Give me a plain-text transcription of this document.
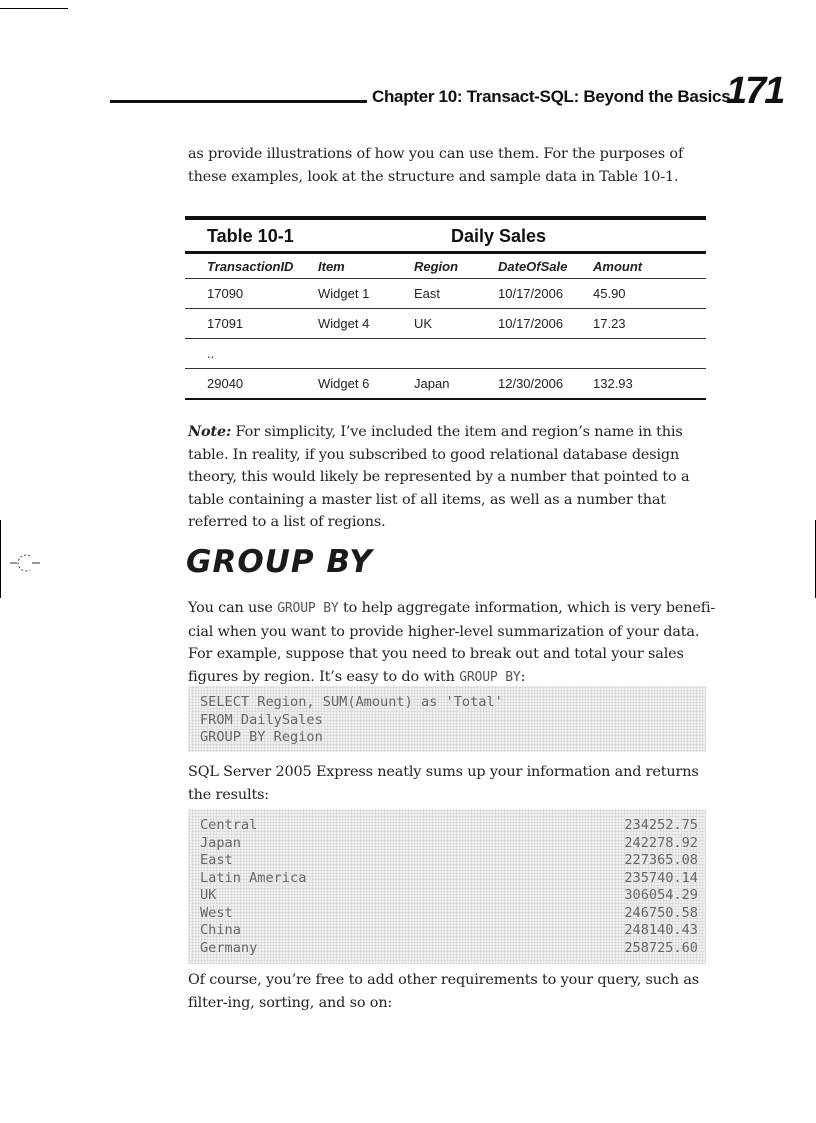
Chapter 10: Transact-SQL: Beyond the Basics

171

as provide illustrations of how you can use them. For the purposes of these examples, look at the structure and sample data in Table 10-1.

Table 10-1	Daily Sales
TransactionID	Item	Region	DateOfSale	Amount
17090	Widget 1	East	10/17/2006	45.90
17091	Widget 4	UK	10/17/2006	17.23
..
29040	Widget 6	Japan	12/30/2006	132.93

Note: For simplicity, I’ve included the item and region’s name in this table. In reality, if you subscribed to good relational database design theory, this would likely be represented by a number that pointed to a table containing a master list of all items, as well as a number that referred to a list of regions.

GROUP BY

You can use GROUP BY to help aggregate information, which is very benefi-cial when you want to provide higher-level summarization of your data. For example, suppose that you need to break out and total your sales figures by region. It’s easy to do with GROUP BY:

SELECT Region, SUM(Amount) as 'Total'
FROM DailySales
GROUP BY Region

SQL Server 2005 Express neatly sums up your information and returns the results:

Central	234252.75
Japan	242278.92
East	227365.08
Latin America	235740.14
UK	306054.29
West	246750.58
China	248140.43
Germany	258725.60

Of course, you’re free to add other requirements to your query, such as filter-ing, sorting, and so on:
